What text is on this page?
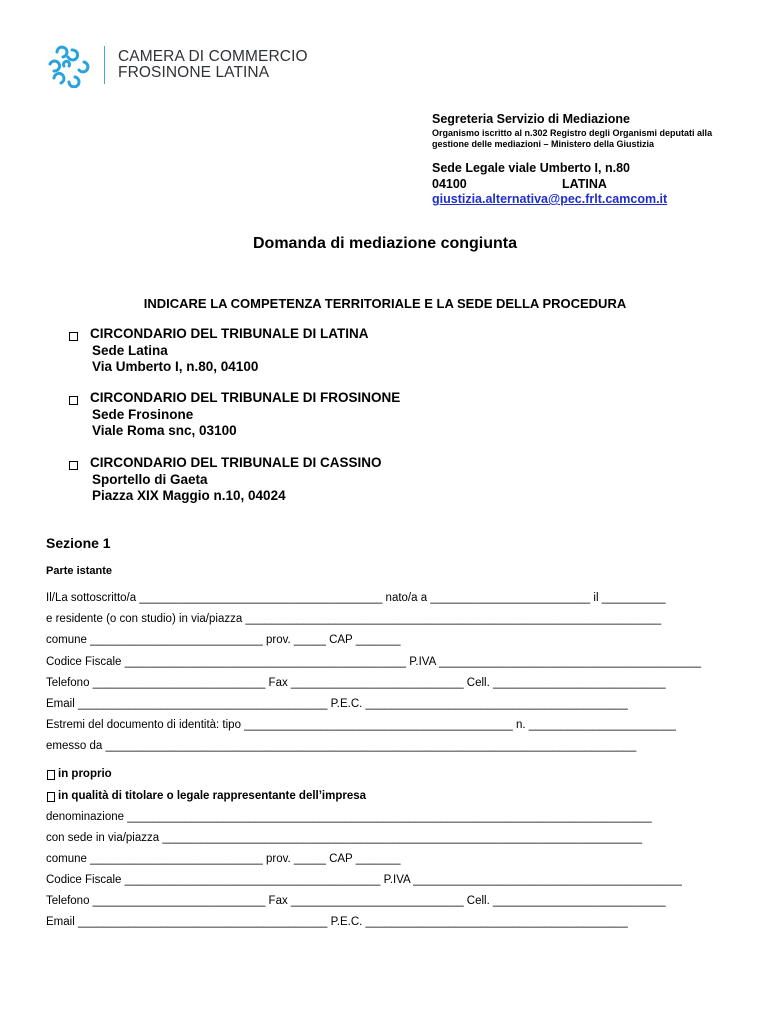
CAMERA DI COMMERCIO
FROSINONE LATINA
Segreteria Servizio di Mediazione
Organismo iscritto al n.302 Registro degli Organismi deputati alla gestione delle mediazioni – Ministero della Giustizia
Sede Legale viale Umberto I, n.80
04100	LATINA
giustizia.alternativa@pec.frlt.camcom.it
Domanda di mediazione congiunta
INDICARE LA COMPETENZA TERRITORIALE E LA SEDE DELLA PROCEDURA
CIRCONDARIO DEL TRIBUNALE DI LATINA
Sede Latina
Via Umberto I, n.80, 04100
CIRCONDARIO DEL TRIBUNALE DI FROSINONE
Sede Frosinone
Viale Roma snc, 03100
CIRCONDARIO DEL TRIBUNALE DI CASSINO
Sportello di Gaeta
Piazza XIX Maggio n.10, 04024
Sezione 1
Parte istante
Il/La sottoscritto/a ______________________________________ nato/a a _________________________ il __________
e residente (o con studio) in via/piazza _________________________________________________________________
comune ___________________________ prov. _____ CAP _______
Codice Fiscale ____________________________________________ P.IVA _________________________________________
Telefono ___________________________ Fax ___________________________ Cell. ___________________________
Email _______________________________________ P.E.C. _________________________________________
Estremi del documento di identità: tipo __________________________________________ n. _______________________
emesso da ___________________________________________________________________________________
in proprio
in qualità di titolare o legale rappresentante dell’impresa
denominazione __________________________________________________________________________________
con sede in via/piazza ___________________________________________________________________________
comune ___________________________ prov. _____ CAP _______
Codice Fiscale ________________________________________ P.IVA __________________________________________
Telefono ___________________________ Fax ___________________________ Cell. ___________________________
Email _______________________________________ P.E.C. _________________________________________
